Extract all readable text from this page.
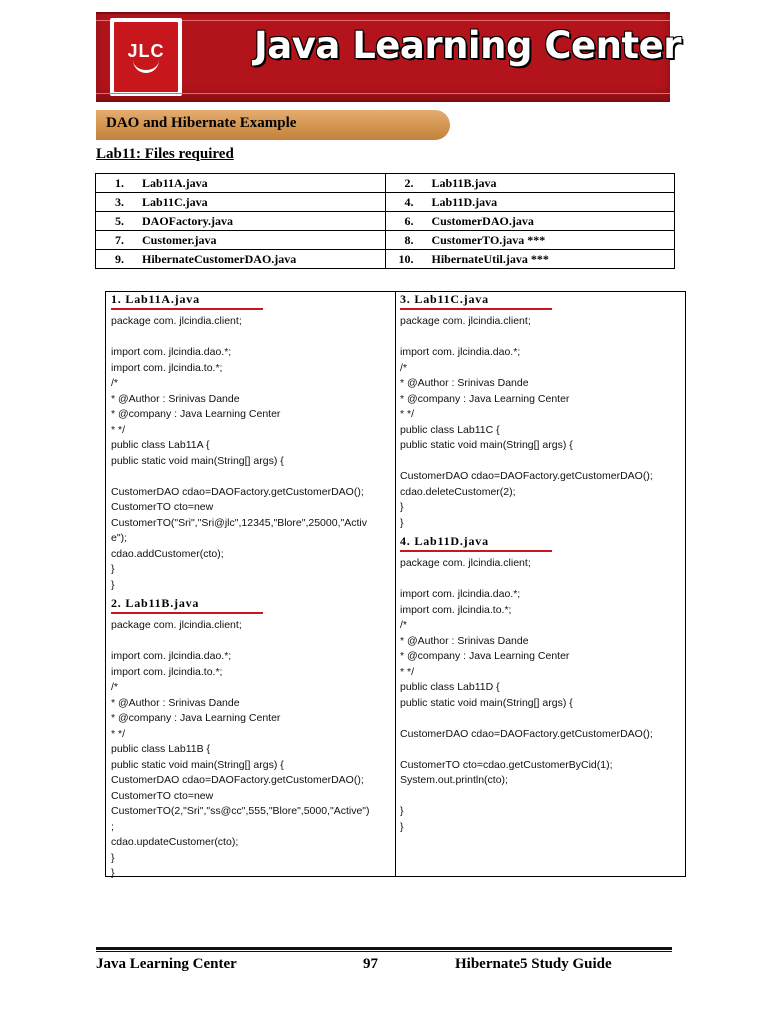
JLC Java Learning Center
DAO and Hibernate Example
Lab11: Files required
1. Lab11A.java	2. Lab11B.java
3. Lab11C.java	4. Lab11D.java
5. DAOFactory.java	6. CustomerDAO.java
7. Customer.java	8. CustomerTO.java ***
9. HibernateCustomerDAO.java	10. HibernateUtil.java ***
1. Lab11A.java
package com. jlcindia.client;

import com. jlcindia.dao.*;
import com. jlcindia.to.*;
/*
* @Author : Srinivas Dande
* @company : Java Learning Center
* */
public class Lab11A {
public static void main(String[] args) {

CustomerDAO cdao=DAOFactory.getCustomerDAO();
CustomerTO cto=new
CustomerTO("Sri","Sri@jlc",12345,"Blore",25000,"Activ
e");
cdao.addCustomer(cto);
}
}
2. Lab11B.java
package com. jlcindia.client;

import com. jlcindia.dao.*;
import com. jlcindia.to.*;
/*
* @Author : Srinivas Dande
* @company : Java Learning Center
* */
public class Lab11B {
public static void main(String[] args) {
CustomerDAO cdao=DAOFactory.getCustomerDAO();
CustomerTO cto=new
CustomerTO(2,"Sri","ss@cc",555,"Blore",5000,"Active")
;
cdao.updateCustomer(cto);
}
}
3. Lab11C.java
package com. jlcindia.client;

import com. jlcindia.dao.*;
/*
* @Author : Srinivas Dande
* @company : Java Learning Center
* */
public class Lab11C {
public static void main(String[] args) {

CustomerDAO cdao=DAOFactory.getCustomerDAO();
cdao.deleteCustomer(2);
}
}
4. Lab11D.java
package com. jlcindia.client;

import com. jlcindia.dao.*;
import com. jlcindia.to.*;
/*
* @Author : Srinivas Dande
* @company : Java Learning Center
* */
public class Lab11D {
public static void main(String[] args) {

CustomerDAO cdao=DAOFactory.getCustomerDAO();

CustomerTO cto=cdao.getCustomerByCid(1);
System.out.println(cto);

}
}
Java Learning Center	97	Hibernate5 Study Guide
